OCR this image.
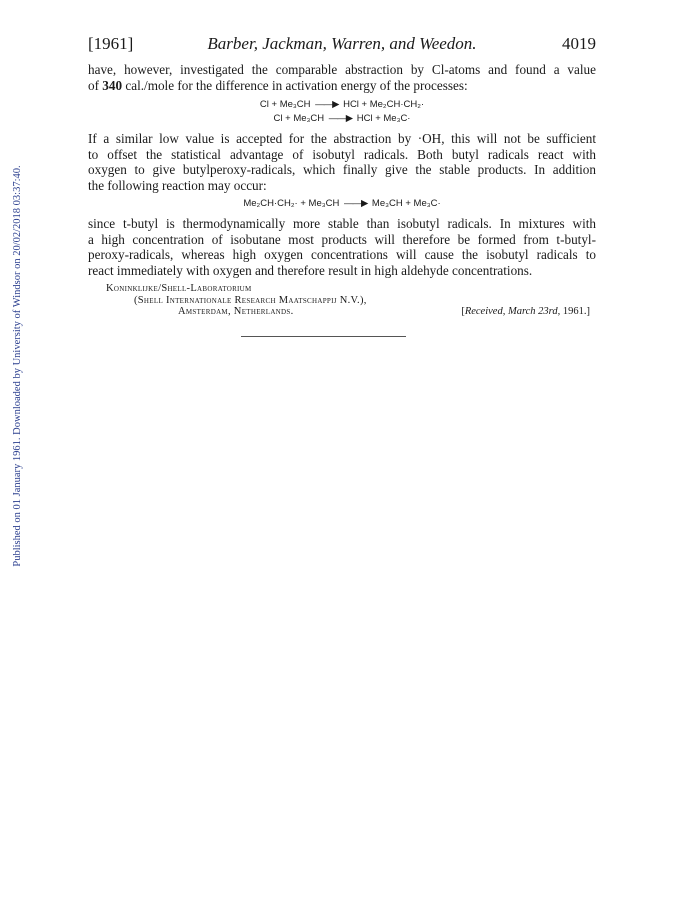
Published on 01 January 1961. Downloaded by University of Windsor on 20/02/2018 03:37:40.
[1961]	Barber, Jackman, Warren, and Weedon.	4019
have, however, investigated the comparable abstraction by Cl-atoms and found a value
of 340 cal./mole for the difference in activation energy of the processes:
Cl + Me₃CH ——▶ HCl + Me₂CH·CH₂·
Cl + Me₃CH ——▶ HCl + Me₃C·
If a similar low value is accepted for the abstraction by ·OH, this will not be sufficient
to offset the statistical advantage of isobutyl radicals. Both butyl radicals react with
oxygen to give butylperoxy-radicals, which finally give the stable products. In addition
the following reaction may occur:
Me₂CH·CH₂· + Me₃CH ——▶ Me₃CH + Me₃C·
since t-butyl is thermodynamically more stable than isobutyl radicals. In mixtures with
a high concentration of isobutane most products will therefore be formed from t-butyl-
peroxy-radicals, whereas high oxygen concentrations will cause the isobutyl radicals to
react immediately with oxygen and therefore result in high aldehyde concentrations.
Koninklijke/Shell-Laboratorium
(Shell Internationale Research Maatschappij N.V.),
Amsterdam, Netherlands.	[Received, March 23rd, 1961.]
